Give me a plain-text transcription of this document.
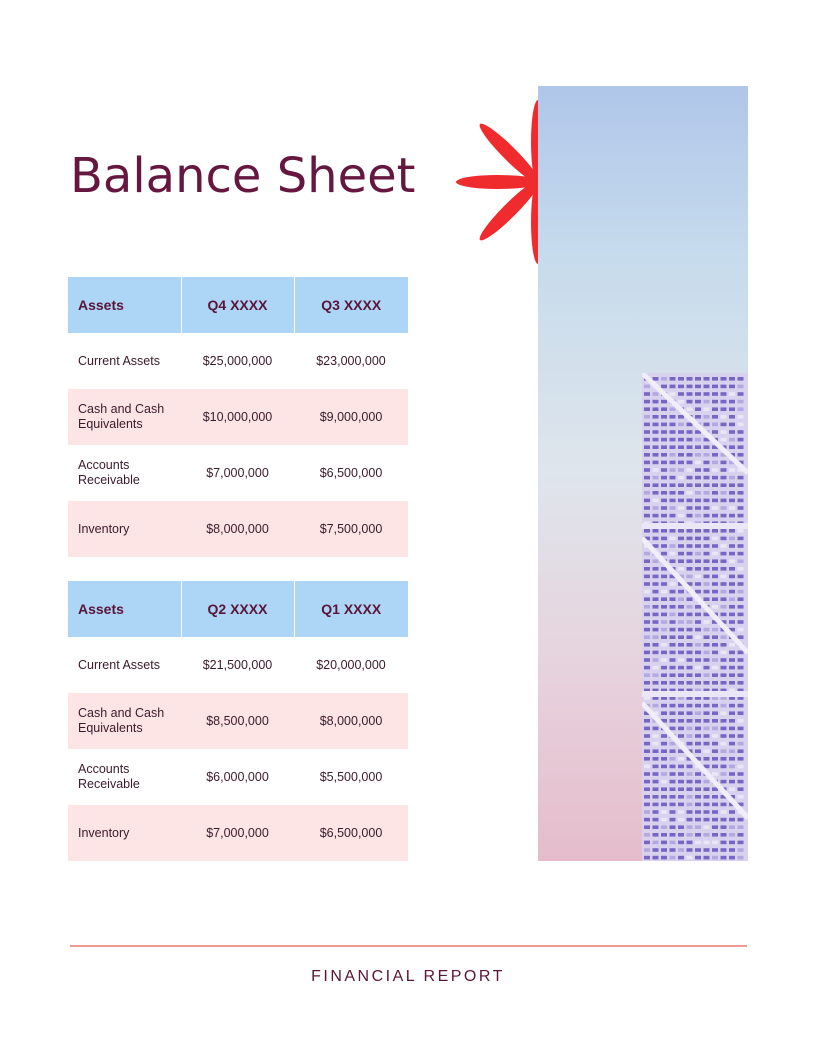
Balance Sheet
Assets	Q4 XXXX	Q3 XXXX
Current Assets	$25,000,000	$23,000,000
Cash and Cash Equivalents	$10,000,000	$9,000,000
Accounts Receivable	$7,000,000	$6,500,000
Inventory	$8,000,000	$7,500,000
Assets	Q2 XXXX	Q1 XXXX
Current Assets	$21,500,000	$20,000,000
Cash and Cash Equivalents	$8,500,000	$8,000,000
Accounts Receivable	$6,000,000	$5,500,000
Inventory	$7,000,000	$6,500,000
FINANCIAL REPORT
